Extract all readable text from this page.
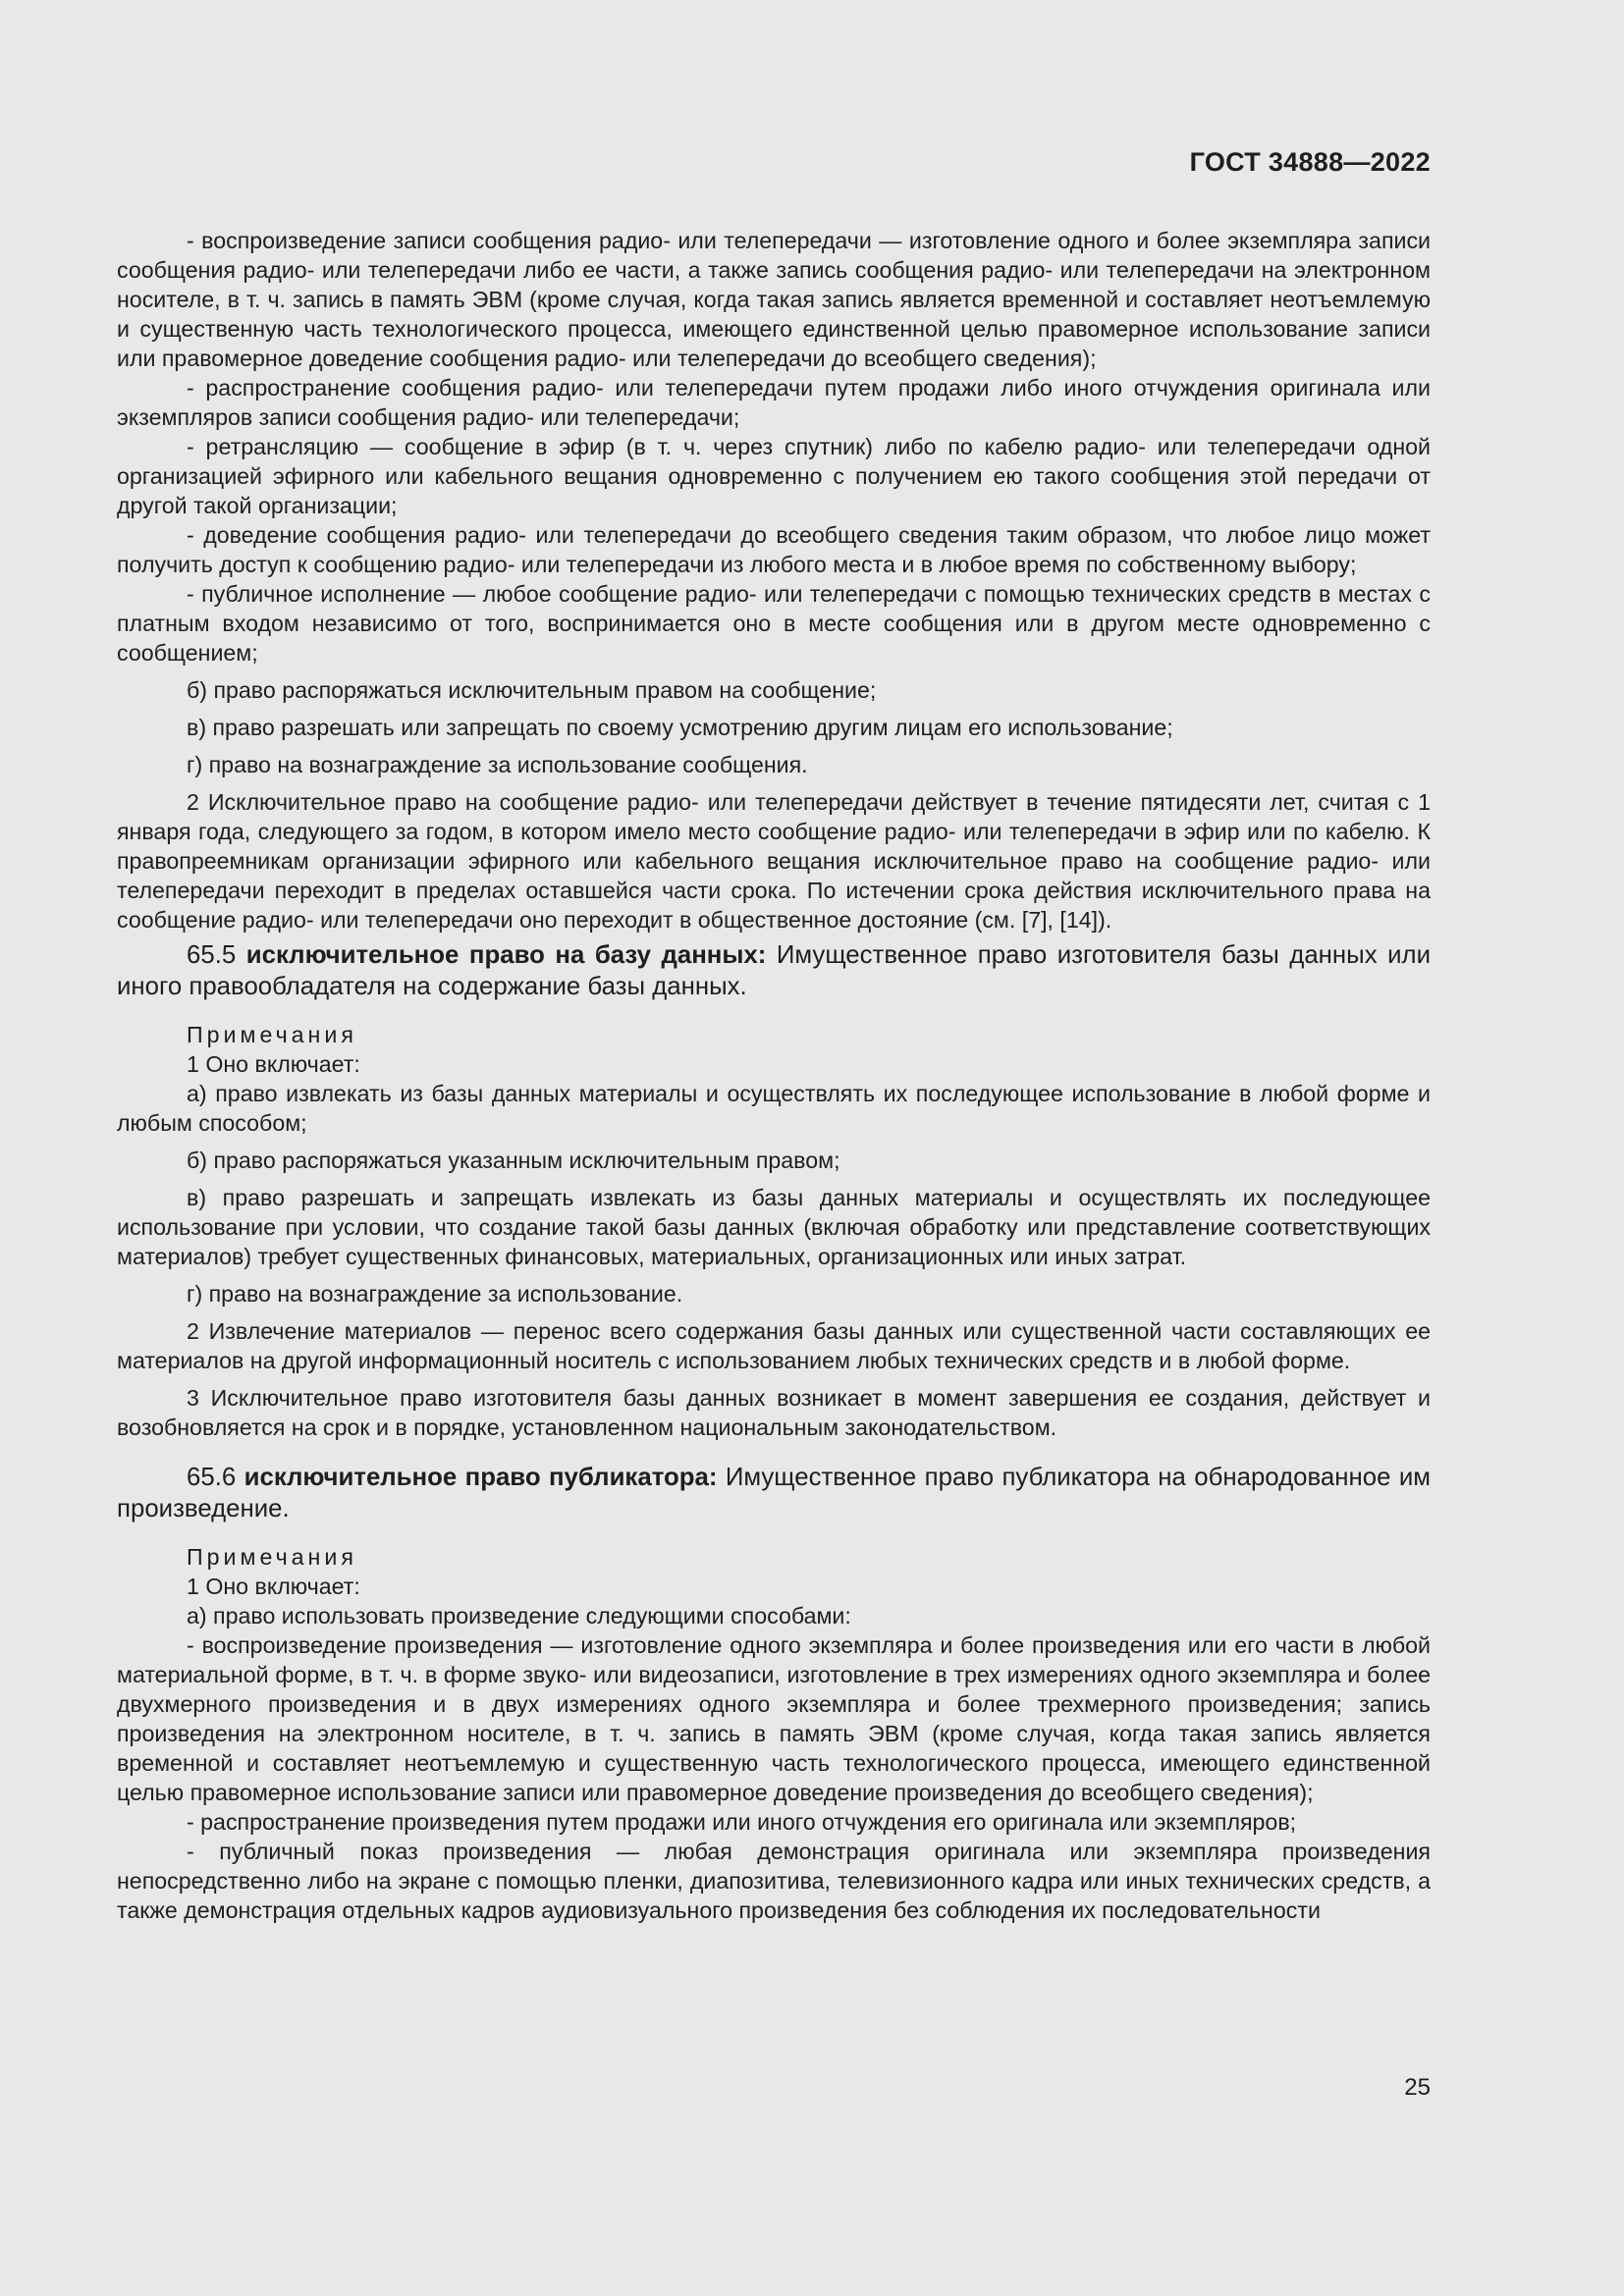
ГОСТ 34888—2022

- воспроизведение записи сообщения радио- или телепередачи — изготовление одного и более экземпляра записи сообщения радио- или телепередачи либо ее части, а также запись сообщения радио- или телепередачи на электронном носителе, в т. ч. запись в память ЭВМ (кроме случая, когда такая запись является временной и составляет неотъемлемую и существенную часть технологического процесса, имеющего единственной целью правомерное использование записи или правомерное доведение сообщения радио- или телепередачи до всеобщего сведения);

- распространение сообщения радио- или телепередачи путем продажи либо иного отчуждения оригинала или экземпляров записи сообщения радио- или телепередачи;

- ретрансляцию — сообщение в эфир (в т. ч. через спутник) либо по кабелю радио- или телепередачи одной организацией эфирного или кабельного вещания одновременно с получением ею такого сообщения этой передачи от другой такой организации;

- доведение сообщения радио- или телепередачи до всеобщего сведения таким образом, что любое лицо может получить доступ к сообщению радио- или телепередачи из любого места и в любое время по собственному выбору;

- публичное исполнение — любое сообщение радио- или телепередачи с помощью технических средств в местах с платным входом независимо от того, воспринимается оно в месте сообщения или в другом месте одновременно с сообщением;

б) право распоряжаться исключительным правом на сообщение;

в) право разрешать или запрещать по своему усмотрению другим лицам его использование;

г) право на вознаграждение за использование сообщения.

2 Исключительное право на сообщение радио- или телепередачи действует в течение пятидесяти лет, считая с 1 января года, следующего за годом, в котором имело место сообщение радио- или телепередачи в эфир или по кабелю. К правопреемникам организации эфирного или кабельного вещания исключительное право на сообщение радио- или телепередачи переходит в пределах оставшейся части срока. По истечении срока действия исключительного права на сообщение радио- или телепередачи оно переходит в общественное достояние (см. [7], [14]).

65.5 исключительное право на базу данных: Имущественное право изготовителя базы данных или иного правообладателя на содержание базы данных.

Примечания

1 Оно включает:

а) право извлекать из базы данных материалы и осуществлять их последующее использование в любой форме и любым способом;

б) право распоряжаться указанным исключительным правом;

в) право разрешать и запрещать извлекать из базы данных материалы и осуществлять их последующее использование при условии, что создание такой базы данных (включая обработку или представление соответствующих материалов) требует существенных финансовых, материальных, организационных или иных затрат.

г) право на вознаграждение за использование.

2 Извлечение материалов — перенос всего содержания базы данных или существенной части составляющих ее материалов на другой информационный носитель с использованием любых технических средств и в любой форме.

3 Исключительное право изготовителя базы данных возникает в момент завершения ее создания, действует и возобновляется на срок и в порядке, установленном национальным законодательством.

65.6 исключительное право публикатора: Имущественное право публикатора на обнародованное им произведение.

Примечания

1 Оно включает:

а) право использовать произведение следующими способами:

- воспроизведение произведения — изготовление одного экземпляра и более произведения или его части в любой материальной форме, в т. ч. в форме звуко- или видеозаписи, изготовление в трех измерениях одного экземпляра и более двухмерного произведения и в двух измерениях одного экземпляра и более трехмерного произведения; запись произведения на электронном носителе, в т. ч. запись в память ЭВМ (кроме случая, когда такая запись является временной и составляет неотъемлемую и существенную часть технологического процесса, имеющего единственной целью правомерное использование записи или правомерное доведение произведения до всеобщего сведения);

- распространение произведения путем продажи или иного отчуждения его оригинала или экземпляров;

- публичный показ произведения — любая демонстрация оригинала или экземпляра произведения непосредственно либо на экране с помощью пленки, диапозитива, телевизионного кадра или иных технических средств, а также демонстрация отдельных кадров аудиовизуального произведения без соблюдения их последовательности

25
